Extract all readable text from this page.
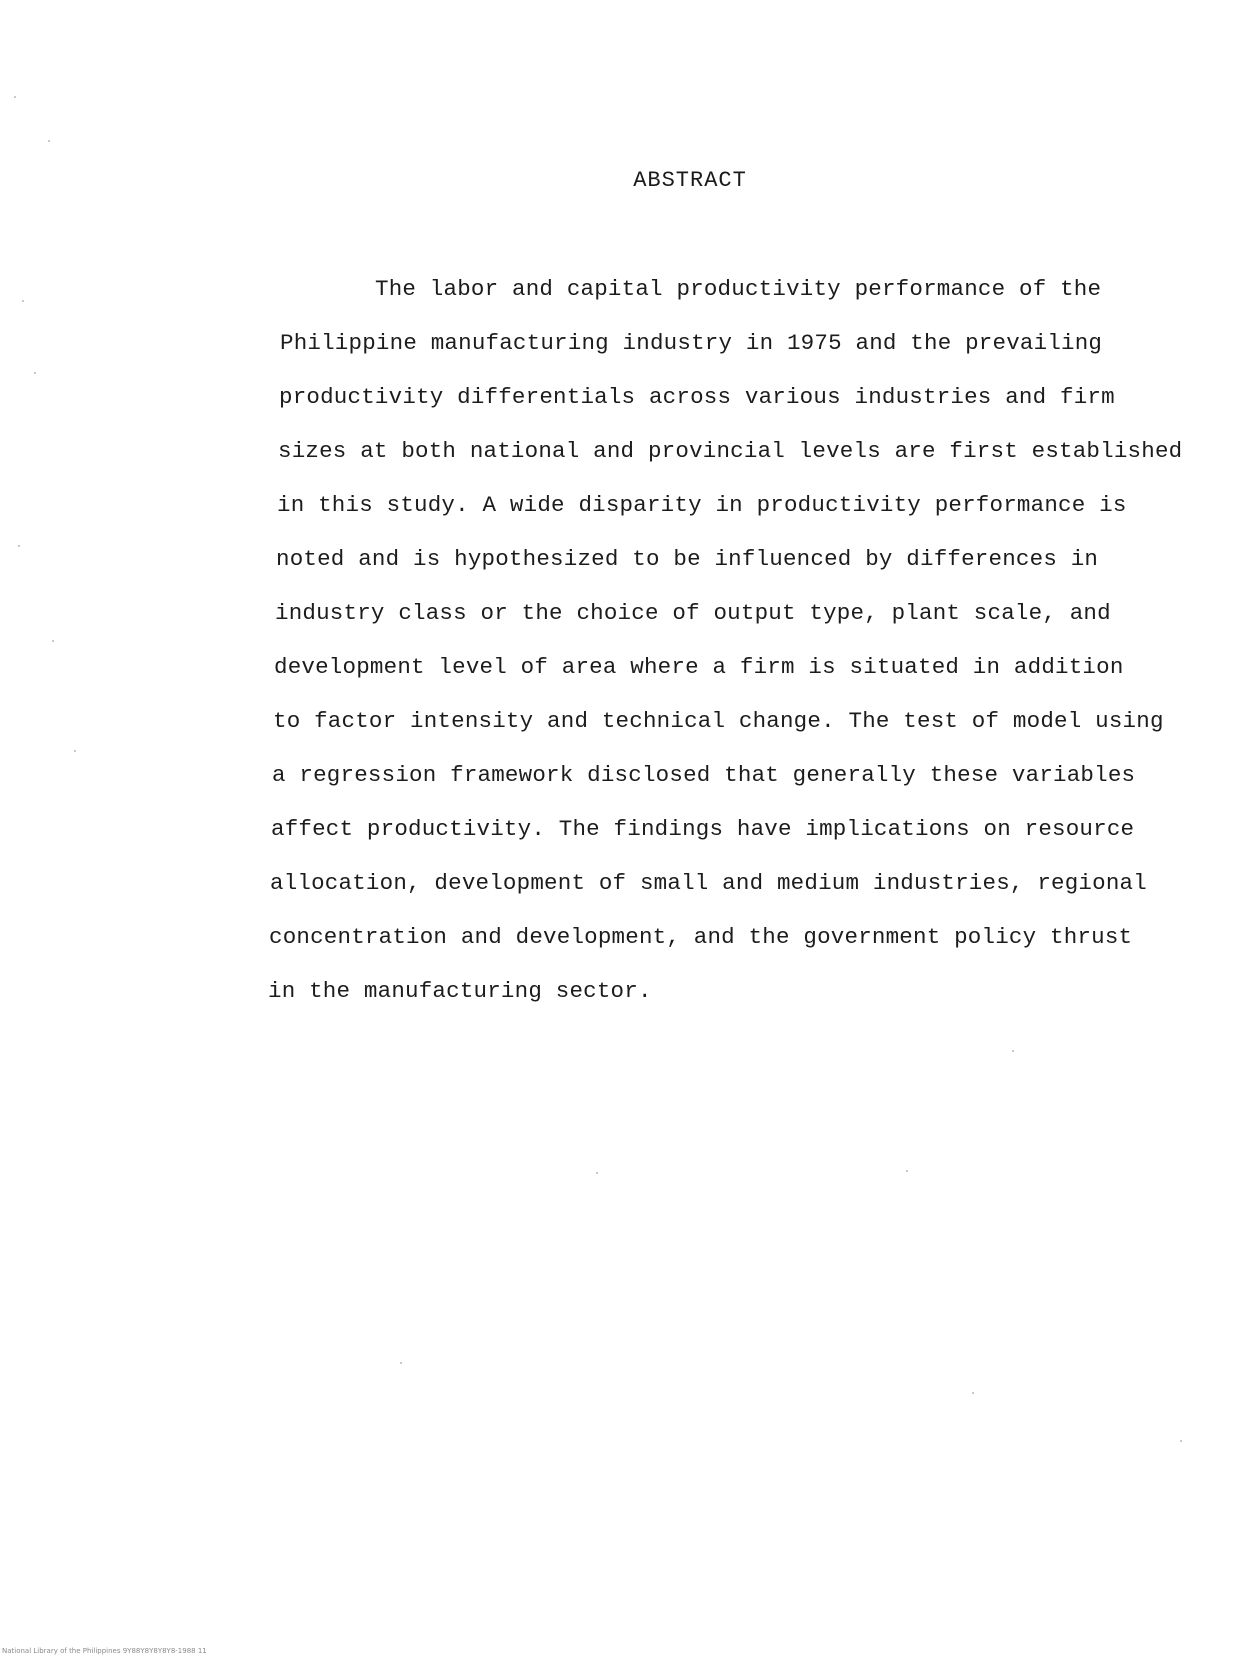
ABSTRACT
The labor and capital productivity performance of the
Philippine manufacturing industry in 1975 and the prevailing
productivity differentials across various industries and firm
sizes at both national and provincial levels are first established
in this study. A wide disparity in productivity performance is
noted and is hypothesized to be influenced by differences in
industry class or the choice of output type, plant scale, and
development level of area where a firm is situated in addition
to factor intensity and technical change. The test of model using
a regression framework disclosed that generally these variables
affect productivity. The findings have implications on resource
allocation, development of small and medium industries, regional
concentration and development, and the government policy thrust
in the manufacturing sector.
National Library of the Philippines 9Y88Y8Y8Y8Y8-1988 11
